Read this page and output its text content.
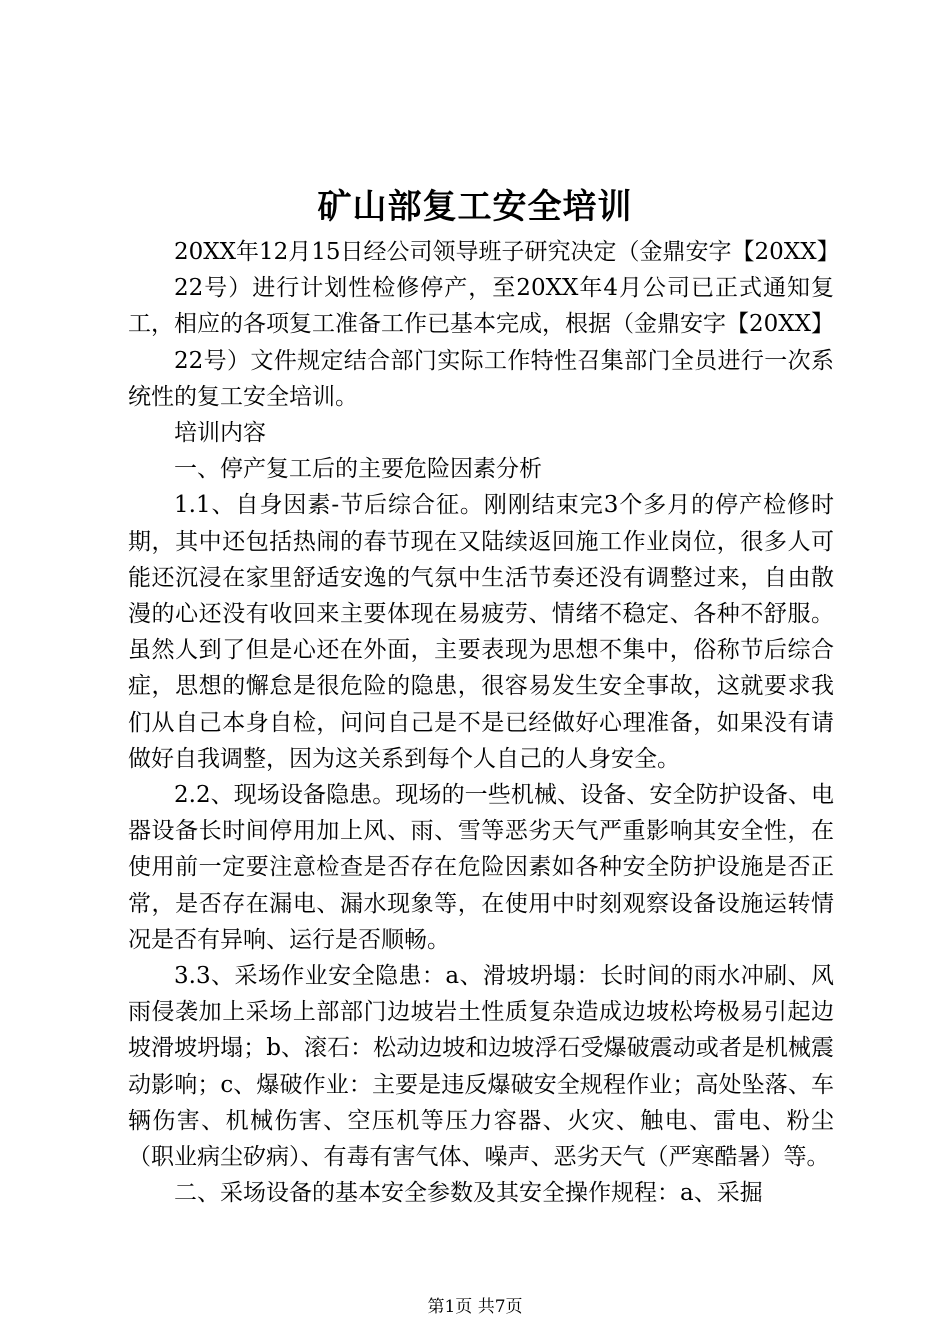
矿山部复工安全培训

20XX年12月15日经公司领导班子研究决定（金鼎安字【20XX】

22号）进行计划性检修停产，至20XX年4月公司已正式通知复工，相应的各项复工准备工作已基本完成，根据（金鼎安字【20XX】

22号）文件规定结合部门实际工作特性召集部门全员进行一次系统性的复工安全培训。

培训内容

一、停产复工后的主要危险因素分析

1.1、自身因素-节后综合征。刚刚结束完3个多月的停产检修时期，其中还包括热闹的春节现在又陆续返回施工作业岗位，很多人可能还沉浸在家里舒适安逸的气氛中生活节奏还没有调整过来，自由散漫的心还没有收回来主要体现在易疲劳、情绪不稳定、各种不舒服。虽然人到了但是心还在外面，主要表现为思想不集中，俗称节后综合症，思想的懈怠是很危险的隐患，很容易发生安全事故，这就要求我们从自己本身自检，问问自己是不是已经做好心理准备，如果没有请做好自我调整，因为这关系到每个人自己的人身安全。

2.2、现场设备隐患。现场的一些机械、设备、安全防护设备、电器设备长时间停用加上风、雨、雪等恶劣天气严重影响其安全性，在使用前一定要注意检查是否存在危险因素如各种安全防护设施是否正常，是否存在漏电、漏水现象等，在使用中时刻观察设备设施运转情况是否有异响、运行是否顺畅。

3.3、采场作业安全隐患：a、滑坡坍塌：长时间的雨水冲刷、风雨侵袭加上采场上部部门边坡岩土性质复杂造成边坡松垮极易引起边坡滑坡坍塌；b、滚石：松动边坡和边坡浮石受爆破震动或者是机械震动影响；c、爆破作业：主要是违反爆破安全规程作业；高处坠落、车辆伤害、机械伤害、空压机等压力容器、火灾、触电、雷电、粉尘（职业病尘矽病）、有毒有害气体、噪声、恶劣天气（严寒酷暑）等。

二、采场设备的基本安全参数及其安全操作规程：a、采掘

第1页 共7页
